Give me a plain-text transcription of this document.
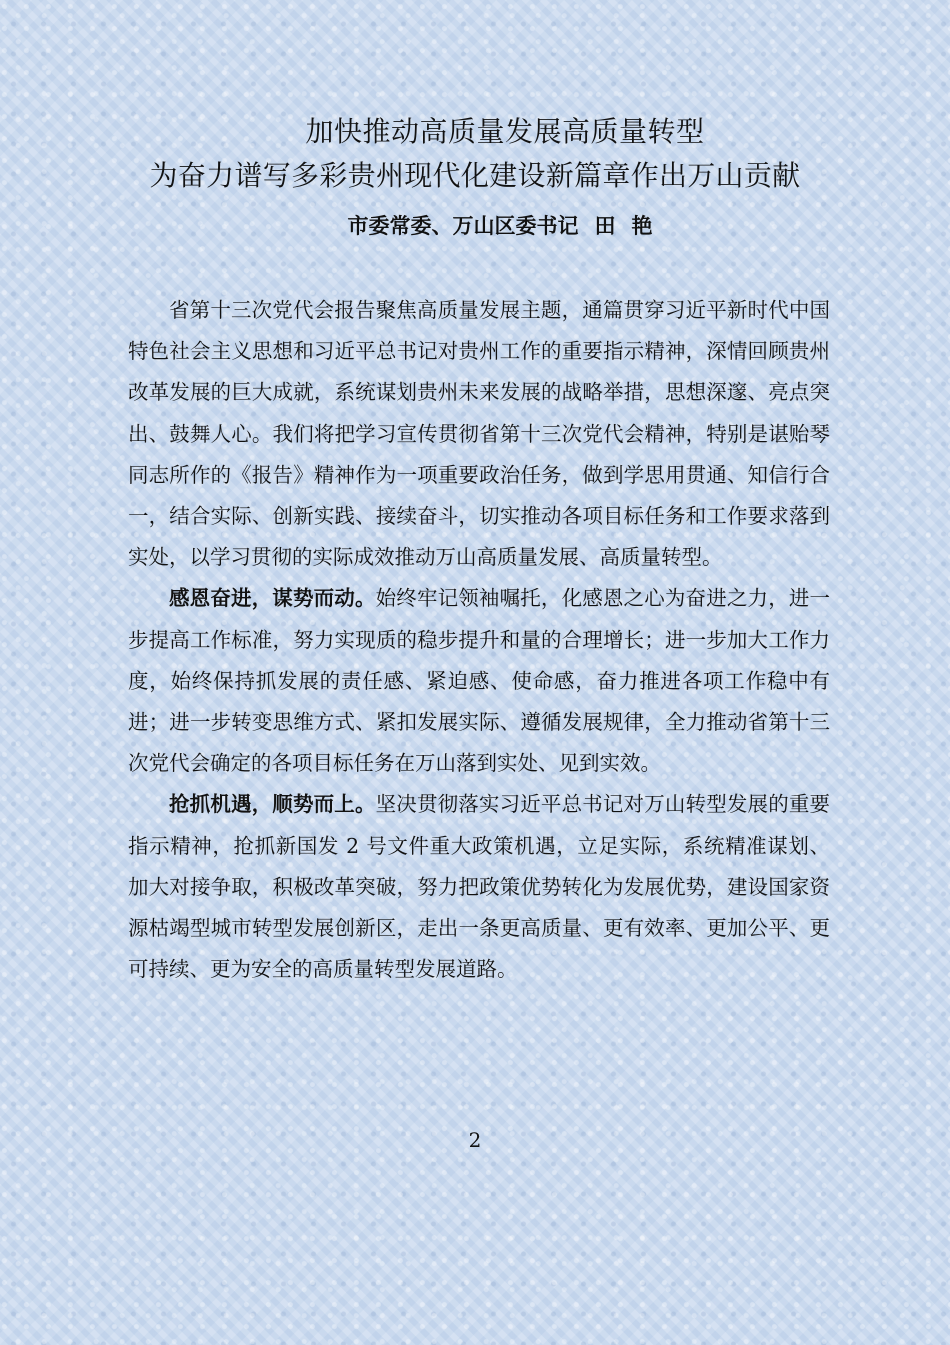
加快推动高质量发展高质量转型
为奋力谱写多彩贵州现代化建设新篇章作出万山贡献
市委常委、万山区委书记 田 艳

省第十三次党代会报告聚焦高质量发展主题，通篇贯穿习近平新时代中国特色社会主义思想和习近平总书记对贵州工作的重要指示精神，深情回顾贵州改革发展的巨大成就，系统谋划贵州未来发展的战略举措，思想深邃、亮点突出、鼓舞人心。我们将把学习宣传贯彻省第十三次党代会精神，特别是谌贻琴同志所作的《报告》精神作为一项重要政治任务，做到学思用贯通、知信行合一，结合实际、创新实践、接续奋斗，切实推动各项目标任务和工作要求落到实处，以学习贯彻的实际成效推动万山高质量发展、高质量转型。

感恩奋进，谋势而动。始终牢记领袖嘱托，化感恩之心为奋进之力，进一步提高工作标准，努力实现质的稳步提升和量的合理增长；进一步加大工作力度，始终保持抓发展的责任感、紧迫感、使命感，奋力推进各项工作稳中有进；进一步转变思维方式、紧扣发展实际、遵循发展规律，全力推动省第十三次党代会确定的各项目标任务在万山落到实处、见到实效。

抢抓机遇，顺势而上。坚决贯彻落实习近平总书记对万山转型发展的重要指示精神，抢抓新国发 2 号文件重大政策机遇，立足实际，系统精准谋划、加大对接争取，积极改革突破，努力把政策优势转化为发展优势，建设国家资源枯竭型城市转型发展创新区，走出一条更高质量、更有效率、更加公平、更可持续、更为安全的高质量转型发展道路。

2
